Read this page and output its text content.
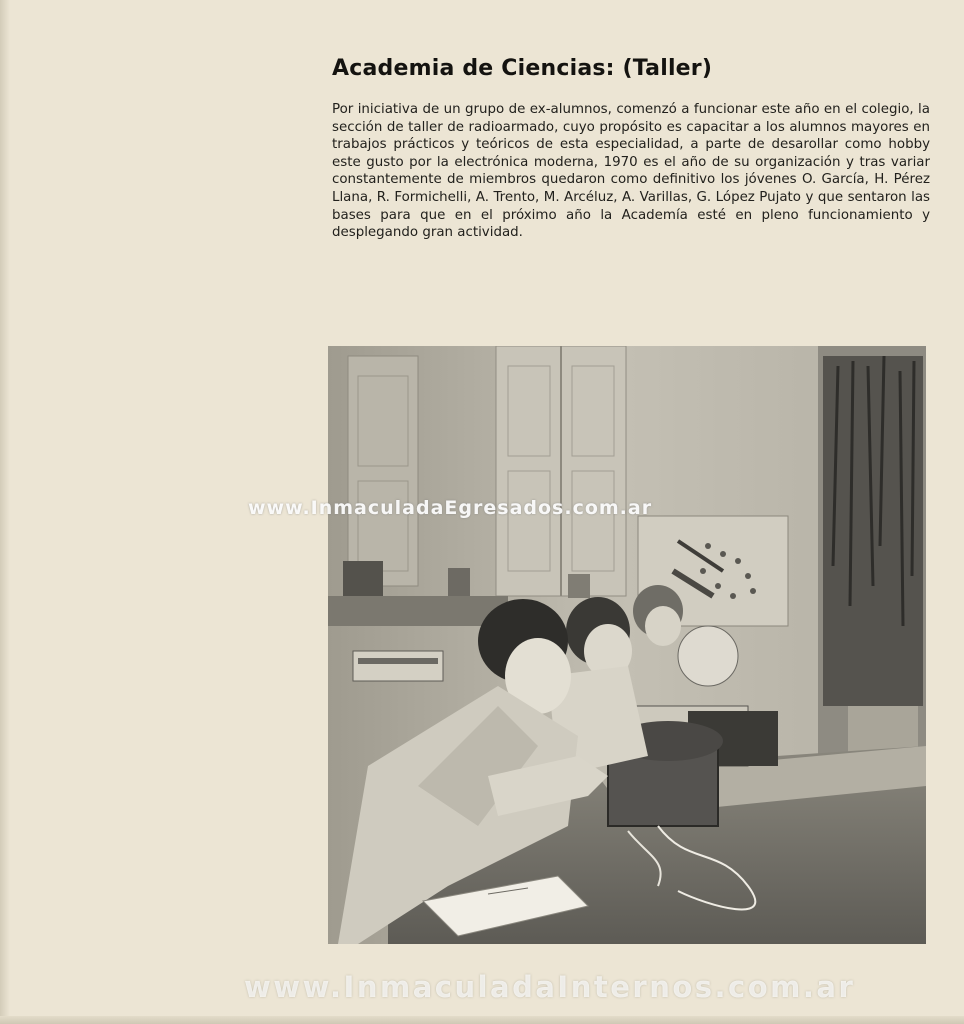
Academia de Ciencias: (Taller)

Por iniciativa de un grupo de ex-alumnos, comenzó a funcionar este año en el colegio, la sección de taller de radioarmado, cuyo propósito es capacitar a los alumnos mayores en trabajos prácticos y teóricos de esta especialidad, a parte de desarollar como hobby este gusto por la electrónica moderna, 1970 es el año de su organización y tras variar constantemente de miembros quedaron como definitivo los jóvenes O. García, H. Pérez Llana, R. Formichelli, A. Trento, M. Arcéluz, A. Varillas, G. López Pujato y que sentaron las bases para que en el próximo año la Academía esté en pleno funcionamiento y desplegando gran actividad.

www.InmaculadaEgresados.com.ar

www.InmaculadaInternos.com.ar
